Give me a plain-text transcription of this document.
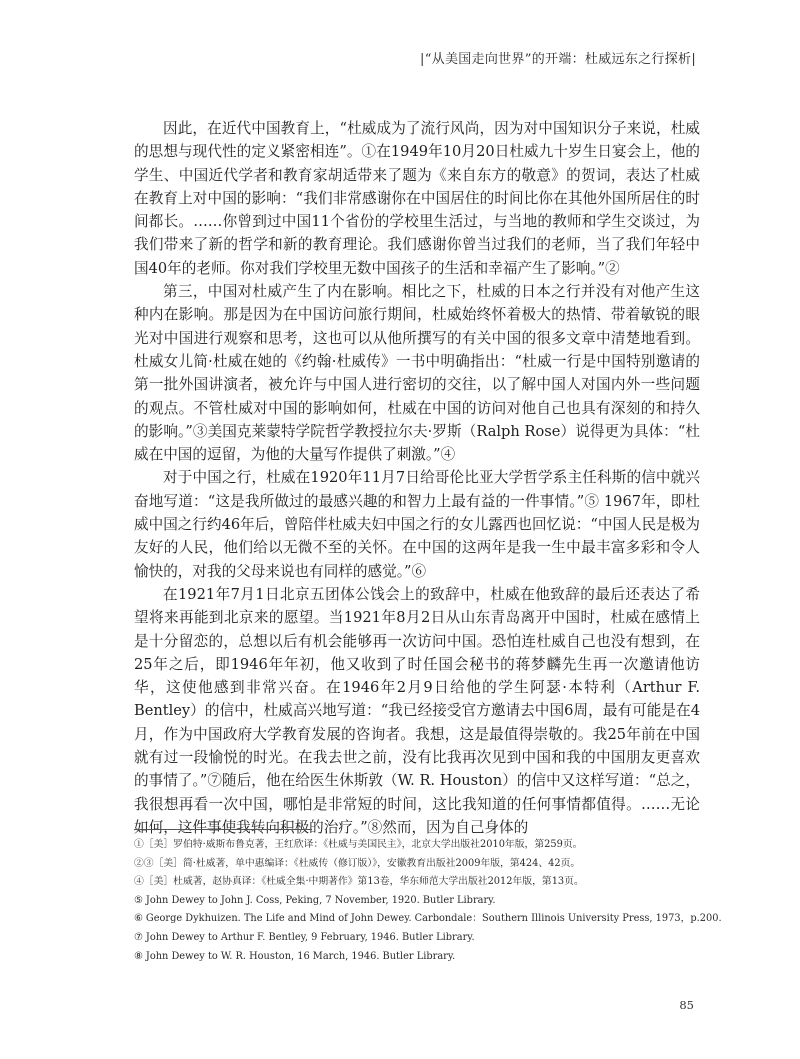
|“从美国走向世界”的开端：杜威远东之行探析|

因此，在近代中国教育上，“杜威成为了流行风尚，因为对中国知识分子来说，杜威的思想与现代性的定义紧密相连”。①在1949年10月20日杜威九十岁生日宴会上，他的学生、中国近代学者和教育家胡适带来了题为《来自东方的敬意》的贺词，表达了杜威在教育上对中国的影响：“我们非常感谢你在中国居住的时间比你在其他外国所居住的时间都长。……你曾到过中国11个省份的学校里生活过，与当地的教师和学生交谈过，为我们带来了新的哲学和新的教育理论。我们感谢你曾当过我们的老师，当了我们年轻中国40年的老师。你对我们学校里无数中国孩子的生活和幸福产生了影响。”②

第三，中国对杜威产生了内在影响。相比之下，杜威的日本之行并没有对他产生这种内在影响。那是因为在中国访问旅行期间，杜威始终怀着极大的热情、带着敏锐的眼光对中国进行观察和思考，这也可以从他所撰写的有关中国的很多文章中清楚地看到。杜威女儿简·杜威在她的《约翰·杜威传》一书中明确指出：“杜威一行是中国特别邀请的第一批外国讲演者，被允许与中国人进行密切的交往，以了解中国人对国内外一些问题的观点。不管杜威对中国的影响如何，杜威在中国的访问对他自己也具有深刻的和持久的影响。”③美国克莱蒙特学院哲学教授拉尔夫·罗斯（Ralph Rose）说得更为具体：“杜威在中国的逗留，为他的大量写作提供了刺激。”④

对于中国之行，杜威在1920年11月7日给哥伦比亚大学哲学系主任科斯的信中就兴奋地写道：“这是我所做过的最感兴趣的和智力上最有益的一件事情。”⑤ 1967年，即杜威中国之行约46年后，曾陪伴杜威夫妇中国之行的女儿露西也回忆说：“中国人民是极为友好的人民，他们给以无微不至的关怀。在中国的这两年是我一生中最丰富多彩和令人愉快的，对我的父母来说也有同样的感觉。”⑥

在1921年7月1日北京五团体公饯会上的致辞中，杜威在他致辞的最后还表达了希望将来再能到北京来的愿望。当1921年8月2日从山东青岛离开中国时，杜威在感情上是十分留恋的，总想以后有机会能够再一次访问中国。恐怕连杜威自己也没有想到，在25年之后，即1946年年初，他又收到了时任国会秘书的蒋梦麟先生再一次邀请他访华，这使他感到非常兴奋。在1946年2月9日给他的学生阿瑟·本特利（Arthur F. Bentley）的信中，杜威高兴地写道：“我已经接受官方邀请去中国6周，最有可能是在4月，作为中国政府大学教育发展的咨询者。我想，这是最值得崇敬的。我25年前在中国就有过一段愉悦的时光。在我去世之前，没有比我再次见到中国和我的中国朋友更喜欢的事情了。”⑦随后，他在给医生休斯敦（W. R. Houston）的信中又这样写道：“总之，我很想再看一次中国，哪怕是非常短的时间，这比我知道的任何事情都值得。……无论如何，这件事使我转向积极的治疗。”⑧然而，因为自己身体的

①［美］罗伯特·威斯布鲁克著，王红欣译：《杜威与美国民主》，北京大学出版社2010年版，第259页。
②③［美］简·杜威著，单中惠编译：《杜威传（修订版）》，安徽教育出版社2009年版，第424、42页。
④［美］杜威著，赵协真译：《杜威全集·中期著作》第13卷，华东师范大学出版社2012年版，第13页。
⑤ John Dewey to John J. Coss, Peking, 7 November, 1920. Butler Library.
⑥ George Dykhuizen. The Life and Mind of John Dewey. Carbondale：Southern Illinois University Press, 1973，p.200.
⑦ John Dewey to Arthur F. Bentley, 9 February, 1946. Butler Library.
⑧ John Dewey to W. R. Houston, 16 March, 1946. Butler Library.
85
